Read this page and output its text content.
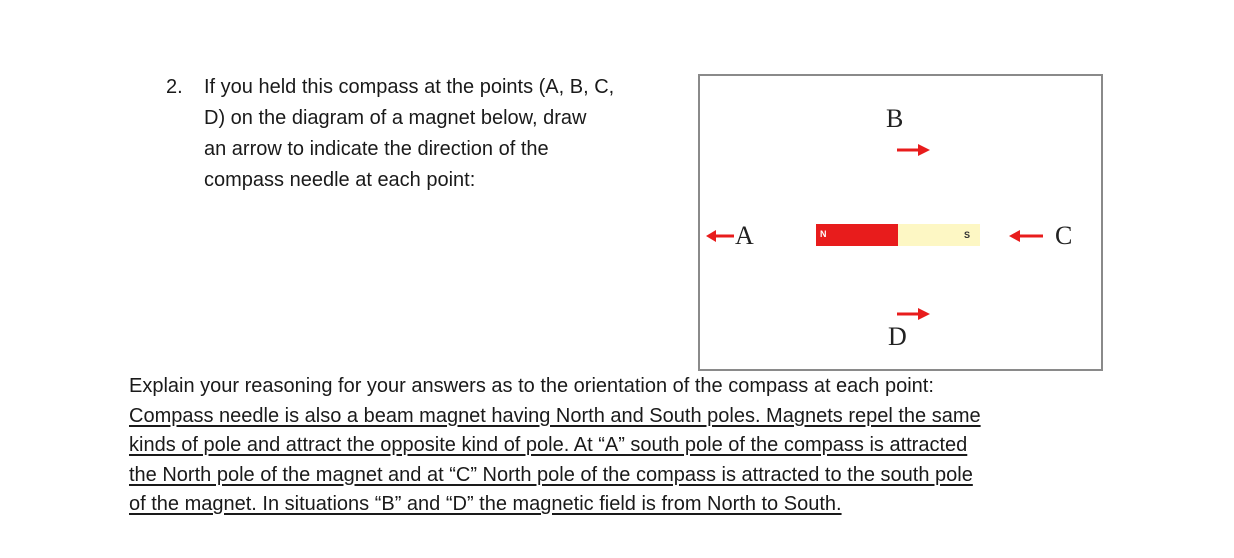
2. If you held this compass at the points (A, B, C,
D) on the diagram of a magnet below, draw
an arrow to indicate the direction of the
compass needle at each point:
B
A	N	S	C
D
Explain your reasoning for your answers as to the orientation of the compass at each point:
Compass needle is also a beam magnet having North and South poles. Magnets repel the same
kinds of pole and attract the opposite kind of pole. At “A” south pole of the compass is attracted
the North pole of the magnet and at “C” North pole of the compass is attracted to the south pole
of the magnet. In situations “B” and “D” the magnetic field is from North to South.
